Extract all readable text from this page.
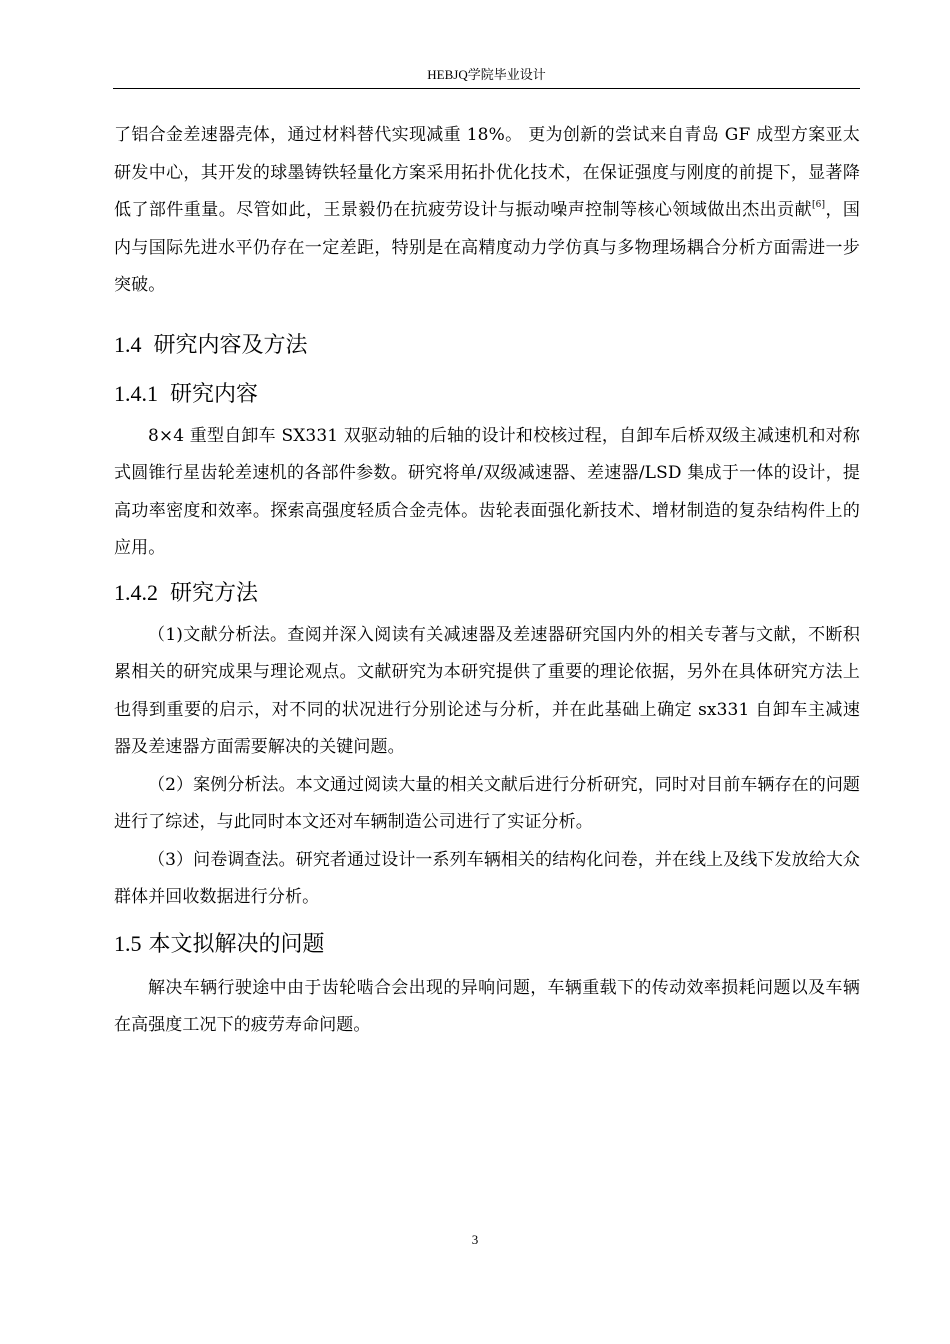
HEBJQ学院毕业设计

了铝合金差速器壳体，通过材料替代实现减重 18%。 更为创新的尝试来自青岛 GF 成型方案亚太研发中心，其开发的球墨铸铁轻量化方案采用拓扑优化技术，在保证强度与刚度的前提下，显著降低了部件重量。尽管如此，王景毅仍在抗疲劳设计与振动噪声控制等核心领域做出杰出贡献[6]，国内与国际先进水平仍存在一定差距，特别是在高精度动力学仿真与多物理场耦合分析方面需进一步突破。

1.4 研究内容及方法
1.4.1 研究内容

8×4 重型自卸车 SX331 双驱动轴的后轴的设计和校核过程，自卸车后桥双级主减速机和对称式圆锥行星齿轮差速机的各部件参数。研究将单/双级减速器、差速器/LSD 集成于一体的设计，提高功率密度和效率。探索高强度轻质合金壳体。齿轮表面强化新技术、增材制造的复杂结构件上的应用。

1.4.2 研究方法

（1)文献分析法。查阅并深入阅读有关减速器及差速器研究国内外的相关专著与文献，不断积累相关的研究成果与理论观点。文献研究为本研究提供了重要的理论依据，另外在具体研究方法上也得到重要的启示，对不同的状况进行分别论述与分析，并在此基础上确定 sx331 自卸车主减速器及差速器方面需要解决的关键问题。

（2）案例分析法。本文通过阅读大量的相关文献后进行分析研究，同时对目前车辆存在的问题进行了综述，与此同时本文还对车辆制造公司进行了实证分析。

（3）问卷调查法。研究者通过设计一系列车辆相关的结构化问卷，并在线上及线下发放给大众群体并回收数据进行分析。

1.5 本文拟解决的问题

解决车辆行驶途中由于齿轮啮合会出现的异响问题，车辆重载下的传动效率损耗问题以及车辆在高强度工况下的疲劳寿命问题。

3
